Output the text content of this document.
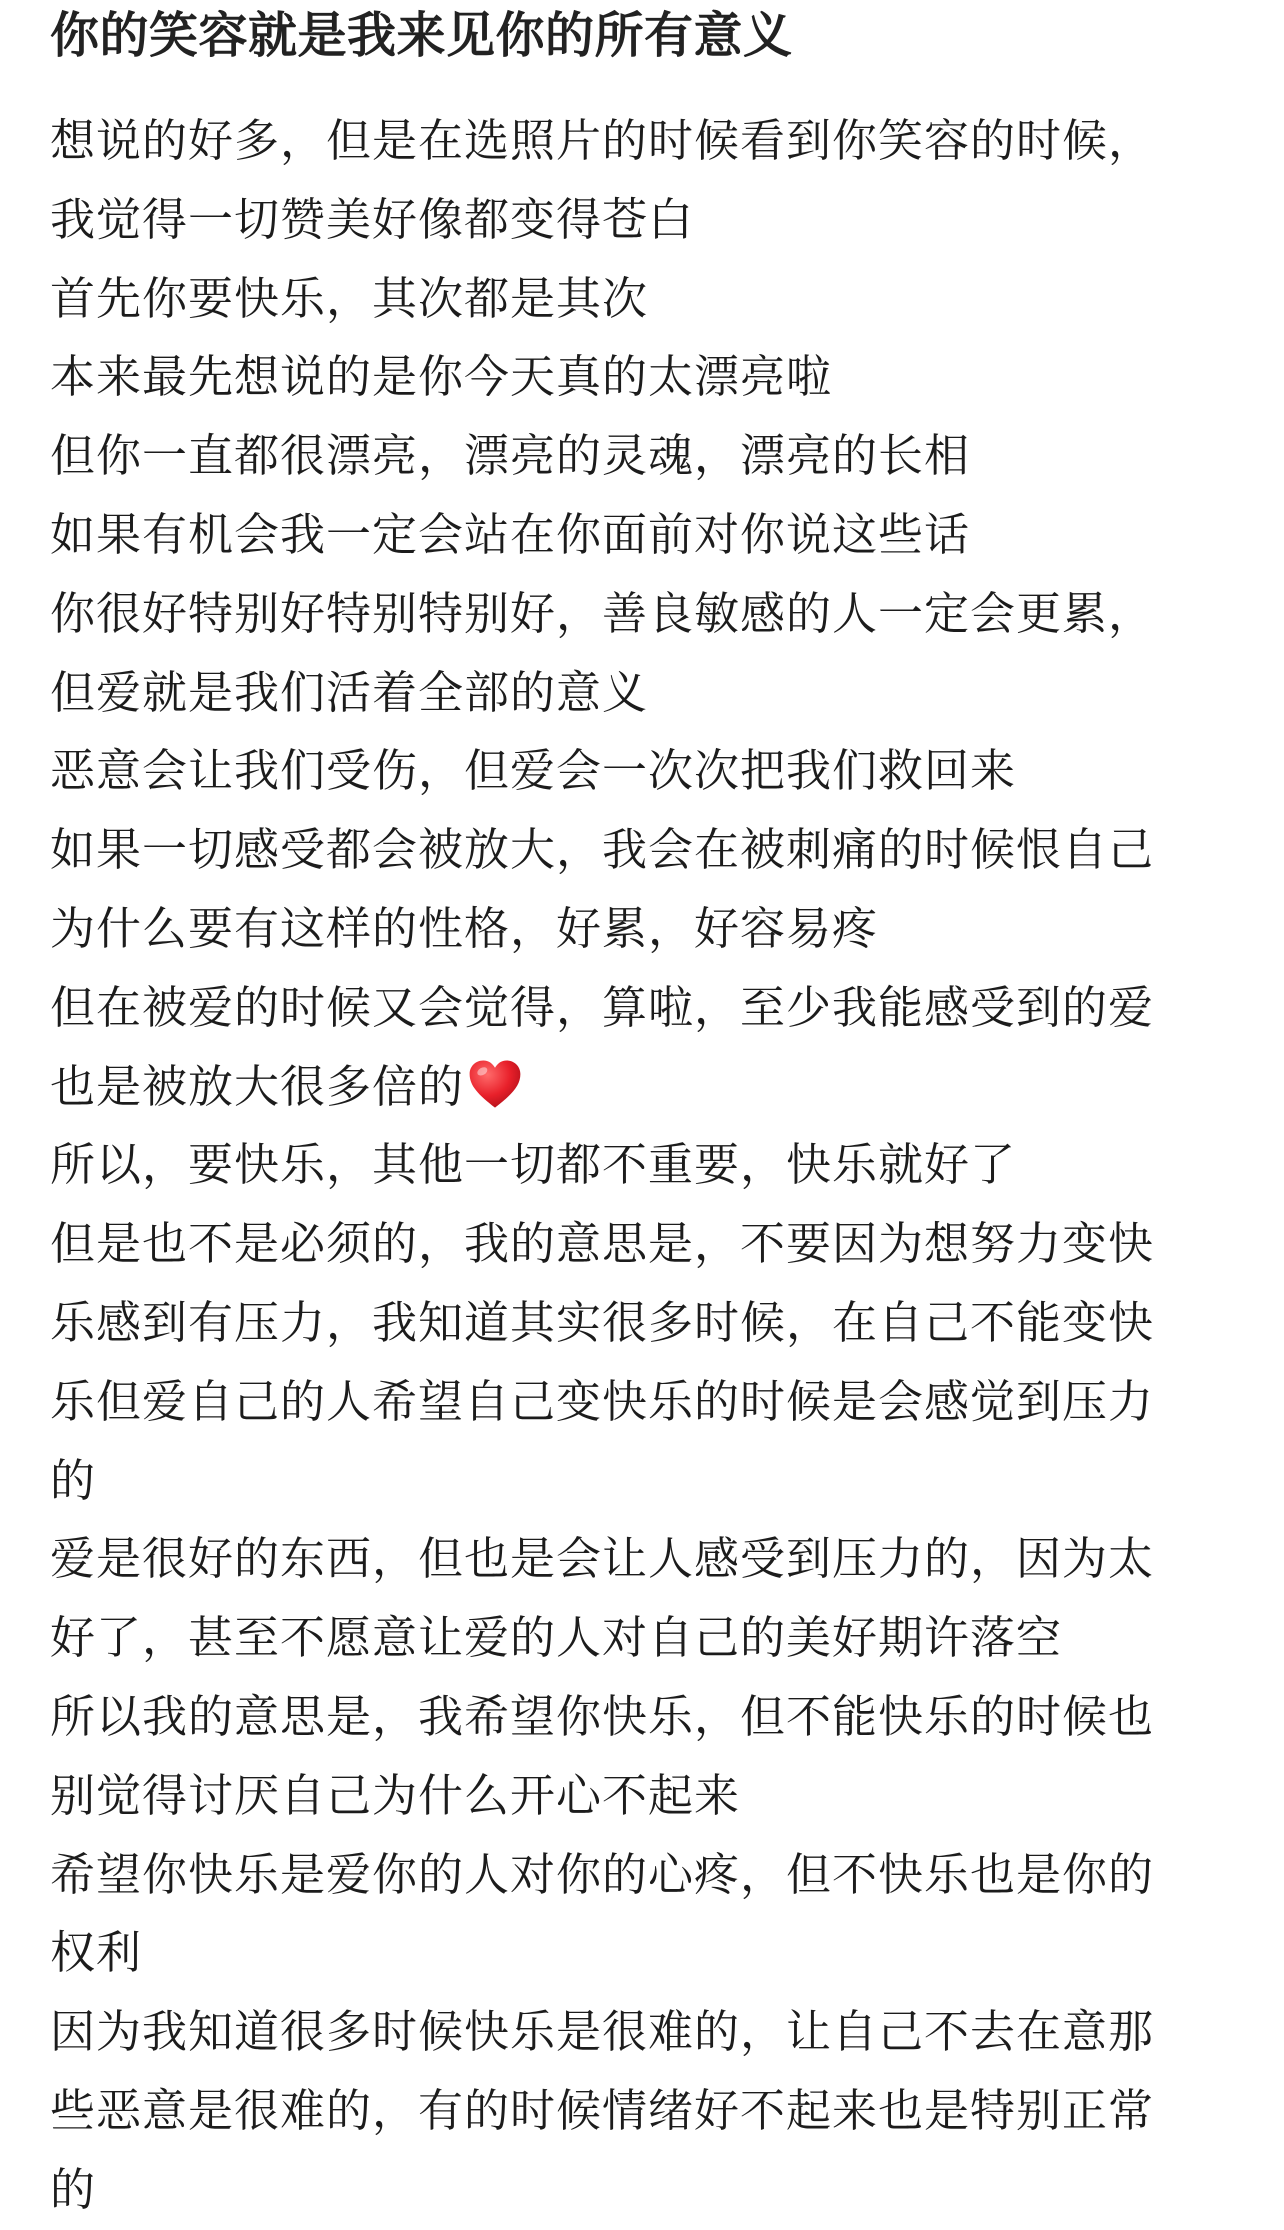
你的笑容就是我来见你的所有意义
想说的好多，但是在选照片的时候看到你笑容的时候，
我觉得一切赞美好像都变得苍白
首先你要快乐，其次都是其次
本来最先想说的是你今天真的太漂亮啦
但你一直都很漂亮，漂亮的灵魂，漂亮的长相
如果有机会我一定会站在你面前对你说这些话
你很好特别好特别特别好，善良敏感的人一定会更累，
但爱就是我们活着全部的意义
恶意会让我们受伤，但爱会一次次把我们救回来
如果一切感受都会被放大，我会在被刺痛的时候恨自己
为什么要有这样的性格，好累，好容易疼
但在被爱的时候又会觉得，算啦，至少我能感受到的爱
也是被放大很多倍的
所以，要快乐，其他一切都不重要，快乐就好了
但是也不是必须的，我的意思是，不要因为想努力变快
乐感到有压力，我知道其实很多时候，在自己不能变快
乐但爱自己的人希望自己变快乐的时候是会感觉到压力
的
爱是很好的东西，但也是会让人感受到压力的，因为太
好了，甚至不愿意让爱的人对自己的美好期许落空
所以我的意思是，我希望你快乐，但不能快乐的时候也
别觉得讨厌自己为什么开心不起来
希望你快乐是爱你的人对你的心疼，但不快乐也是你的
权利
因为我知道很多时候快乐是很难的，让自己不去在意那
些恶意是很难的，有的时候情绪好不起来也是特别正常
的
